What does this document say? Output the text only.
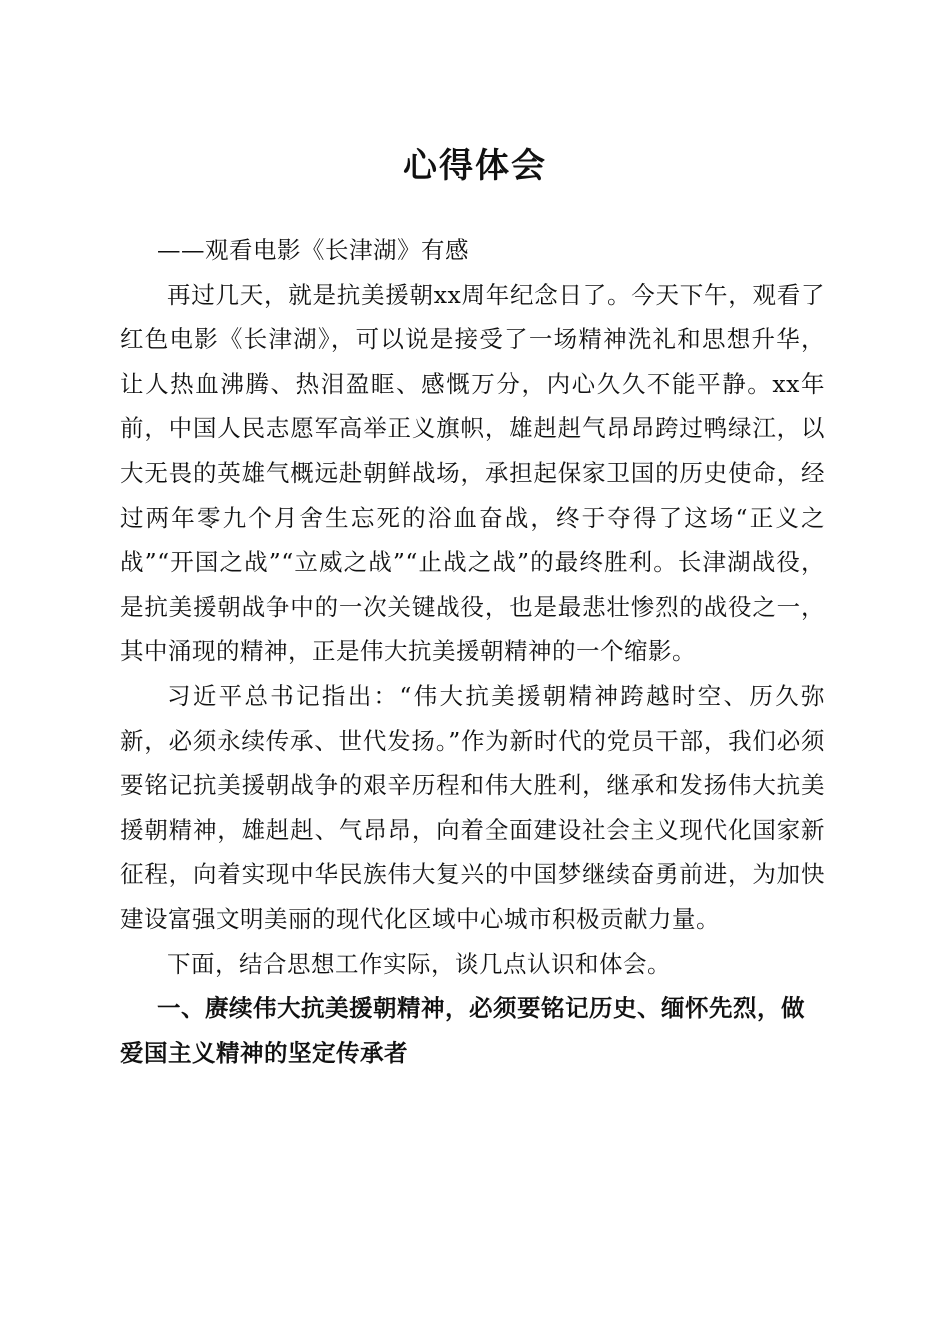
心得体会

——观看电影《长津湖》有感

再过几天，就是抗美援朝xx周年纪念日了。今天下午，观看了红色电影《长津湖》，可以说是接受了一场精神洗礼和思想升华，让人热血沸腾、热泪盈眶、感慨万分，内心久久不能平静。xx年前，中国人民志愿军高举正义旗帜，雄赳赳气昂昂跨过鸭绿江，以大无畏的英雄气概远赴朝鲜战场，承担起保家卫国的历史使命，经过两年零九个月舍生忘死的浴血奋战，终于夺得了这场“正义之战”“开国之战”“立威之战”“止战之战”的最终胜利。长津湖战役，是抗美援朝战争中的一次关键战役，也是最悲壮惨烈的战役之一，其中涌现的精神，正是伟大抗美援朝精神的一个缩影。

习近平总书记指出：“伟大抗美援朝精神跨越时空、历久弥新，必须永续传承、世代发扬。”作为新时代的党员干部，我们必须要铭记抗美援朝战争的艰辛历程和伟大胜利，继承和发扬伟大抗美援朝精神，雄赳赳、气昂昂，向着全面建设社会主义现代化国家新征程，向着实现中华民族伟大复兴的中国梦继续奋勇前进，为加快建设富强文明美丽的现代化区域中心城市积极贡献力量。

下面，结合思想工作实际，谈几点认识和体会。

一、赓续伟大抗美援朝精神，必须要铭记历史、缅怀先烈，做爱国主义精神的坚定传承者
